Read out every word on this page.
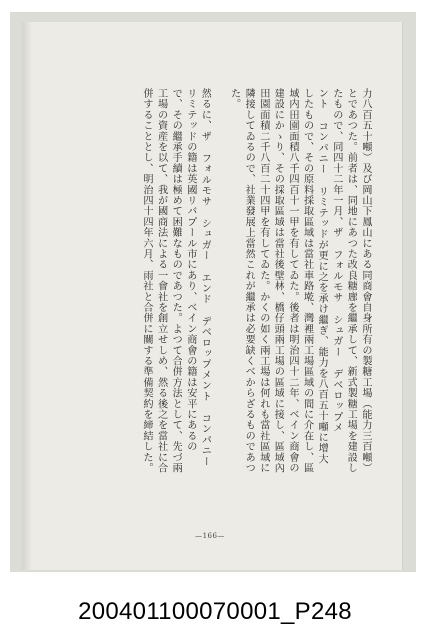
力八百五十噸）及び岡山下鳳山にある同商會自身所有の製糖工場（能力三百噸）
とであつた。前者は、同地にあつた改良糖廍を繼承して、新式製糖工場を建設し
たもので、同四十二年一月、ザ フォルモサ シュガー デベロップメ
ント コンパニー リミテッドが更に之を承け繼ぎ、能力を八百五十噸に增大
したもので、その原料採取區域は當社車路墘、灣裡兩工場區域の間に介在し、區
域内田園面積八千四百十一甲を有してゐた。後者は明治四十二年、ベイン商會の
建設にかゝり、その採取區域は當社後壁林、橋仔頭兩工場の區域に接し、區域內
田園面積二千八百二十四甲を有してゐた。かくの如く兩工場は何れも當社區域に
隣接してゐるので、社業發展上當然これが繼承は必要缺くべからざるものであつ
た。
然るに、ザ フォルモサ シュガー エンド デベロップメント コンパニー
リミテッドの籍は英國リバプール市にあり、ベイン商會の籍は安平にあるの
で、その繼承手續は極めて困難なものであつた。よつて合併方法として、先づ兩
工場の資産を以て、我が國商法による一會社を創立せしめ、然る後之を當社に合
併することとし、明治四十四年六月、雨社と合併に關する準備契約を締結した。
—166—
200401100070001_P248
